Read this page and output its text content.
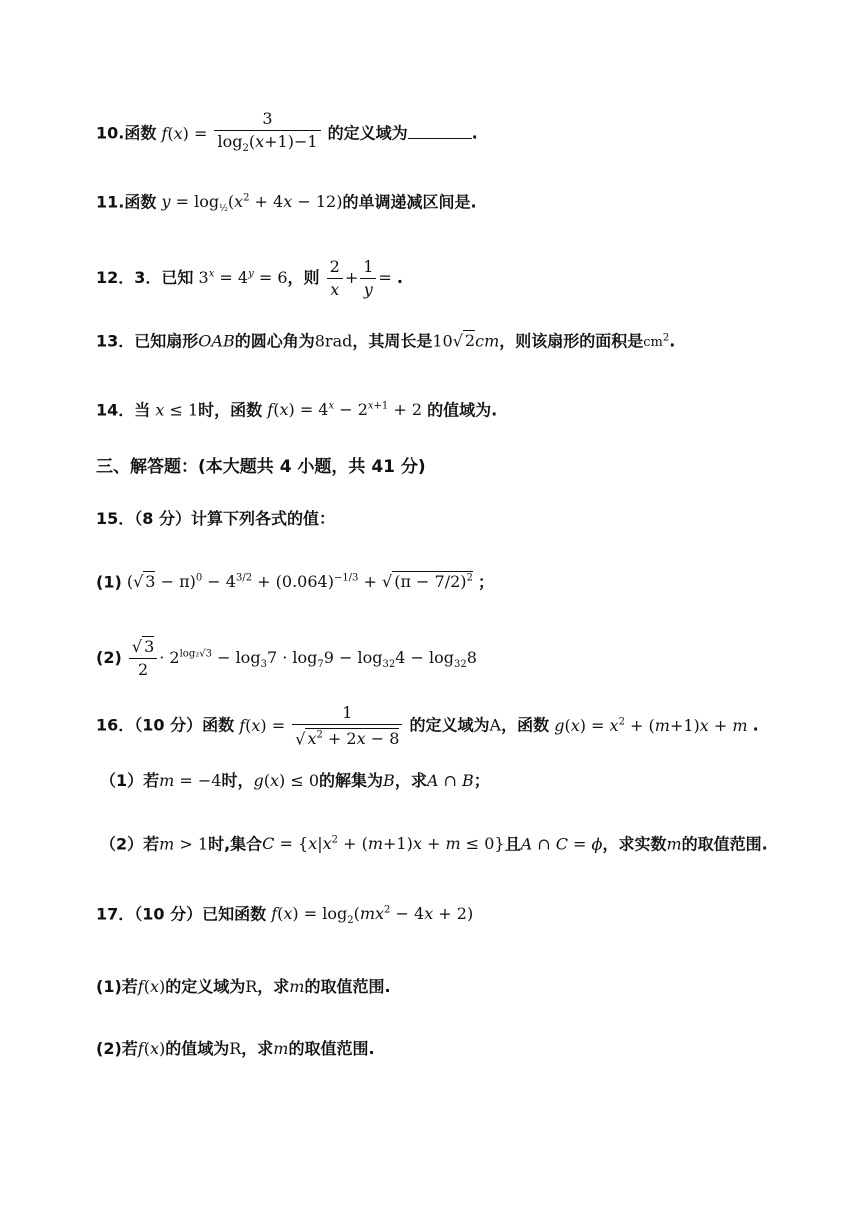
10.函数 $f(x) = \frac{3}{\log_2(x+1)-1}$ 的定义域为	.
11.函数 $y = \log_{\frac{1}{2}}(x^2 + 4x - 12)$的单调递减区间是.
12．3．已知 $3^x = 4^y = 6$，则 $\frac{2}{x} + \frac{1}{y}$ = .
13．已知扇形OAB的圆心角为8rad，其周长是10√ 2cm，则该扇形的面积是$cm^2$.
14．当 x ≤ 1时，函数 $f(x) = 4^x - 2^{x+1} + 2$ 的值域为.
三、解答题：(本大题共 4 小题，共 41 分)
15．（8 分）计算下列各式的值：
(1) (√ $3 - \pi)^0 - 4^{3/2} + (0.064)^{-1/3}$ + √ $(\pi - 7/2)^2$ ；
$(2) \frac{√ 3}{2} \cdot 2^{log_2√3} - \log_37 \cdot \log_79 - \log_{32}4 - \log_{32}8$
16．（10 分）函数 $f(x) = \frac{1}{√ x^2 + 2x - 8}$ 的定义域为A，函数 $g(x) = x^2 + (m+1)x + m$ .
（1）若m = −4时，g(x) ≤ 0的解集为B，求A ∩ B；
（2）若m > 1时,集合$C = \{x|x^2 + (m+1)x + m \le 0\}$且A ∩ C = ϕ，求实数m的取值范围.
17．（10 分）已知函数 $f(x) = \log_2(mx^2 - 4x + 2)$
(1)若f(x)的定义域为R，求m的取值范围.
(2)若f(x)的值域为R，求m的取值范围.
